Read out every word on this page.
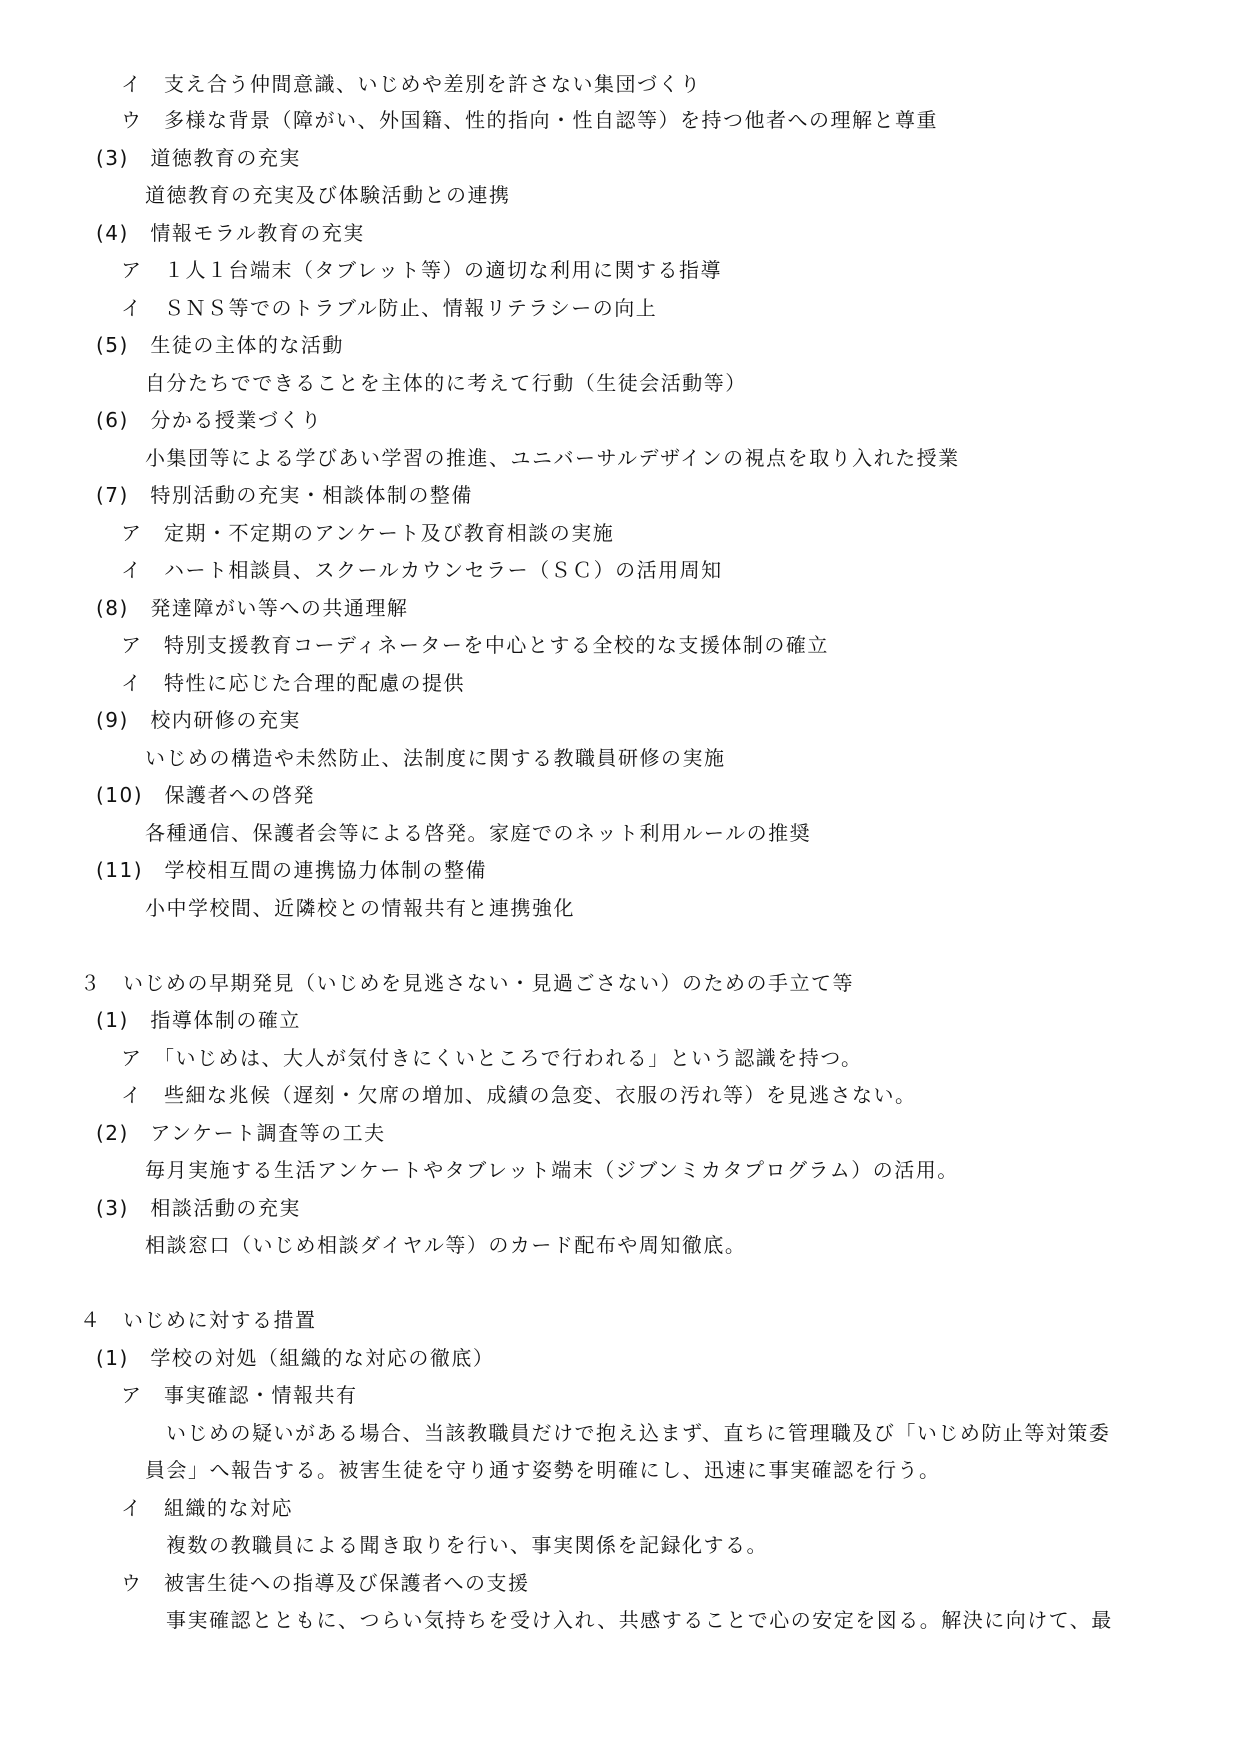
イ　支え合う仲間意識、いじめや差別を許さない集団づくり
ウ　多様な背景（障がい、外国籍、性的指向・性自認等）を持つ他者への理解と尊重
(3)　道徳教育の充実
道徳教育の充実及び体験活動との連携
(4)　情報モラル教育の充実
ア　１人１台端末（タブレット等）の適切な利用に関する指導
イ　ＳＮＳ等でのトラブル防止、情報リテラシーの向上
(5)　生徒の主体的な活動
自分たちでできることを主体的に考えて行動（生徒会活動等）
(6)　分かる授業づくり
小集団等による学びあい学習の推進、ユニバーサルデザインの視点を取り入れた授業
(7)　特別活動の充実・相談体制の整備
ア　定期・不定期のアンケート及び教育相談の実施
イ　ハート相談員、スクールカウンセラー（ＳＣ）の活用周知
(8)　発達障がい等への共通理解
ア　特別支援教育コーディネーターを中心とする全校的な支援体制の確立
イ　特性に応じた合理的配慮の提供
(9)　校内研修の充実
いじめの構造や未然防止、法制度に関する教職員研修の実施
(10)　保護者への啓発
各種通信、保護者会等による啓発。家庭でのネット利用ルールの推奨
(11)　学校相互間の連携協力体制の整備
小中学校間、近隣校との情報共有と連携強化
３　いじめの早期発見（いじめを見逃さない・見過ごさない）のための手立て等
(1)　指導体制の確立
ア　「いじめは、大人が気付きにくいところで行われる」という認識を持つ。
イ　些細な兆候（遅刻・欠席の増加、成績の急変、衣服の汚れ等）を見逃さない。
(2)　アンケート調査等の工夫
毎月実施する生活アンケートやタブレット端末（ジブンミカタプログラム）の活用。
(3)　相談活動の充実
相談窓口（いじめ相談ダイヤル等）のカード配布や周知徹底。
４　いじめに対する措置
(1)　学校の対処（組織的な対応の徹底）
ア　事実確認・情報共有
いじめの疑いがある場合、当該教職員だけで抱え込まず、直ちに管理職及び「いじめ防止等対策委
員会」へ報告する。被害生徒を守り通す姿勢を明確にし、迅速に事実確認を行う。
イ　組織的な対応
複数の教職員による聞き取りを行い、事実関係を記録化する。
ウ　被害生徒への指導及び保護者への支援
事実確認とともに、つらい気持ちを受け入れ、共感することで心の安定を図る。解決に向けて、最
